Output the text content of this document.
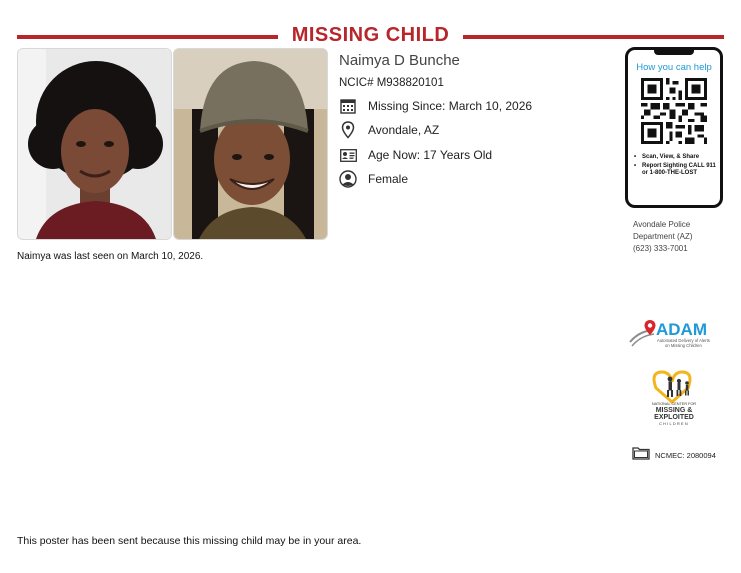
MISSING CHILD
Naimya D Bunche
NCIC# M938820101
Missing Since: March 10, 2026
Avondale, AZ
Age Now: 17 Years Old
Female
Naimya was last seen on March 10, 2026.
How you can help
• Scan, View, & Share
• Report Sighting CALL 911 or 1-800-THE-LOST
Avondale Police
Department (AZ)
(623) 333-7001
ADAM
Automated Delivery of Alerts
on Missing Children
NATIONAL CENTER FOR
MISSING &
EXPLOITED
CHILDREN
NCMEC: 2080094
This poster has been sent because this missing child may be in your area.
